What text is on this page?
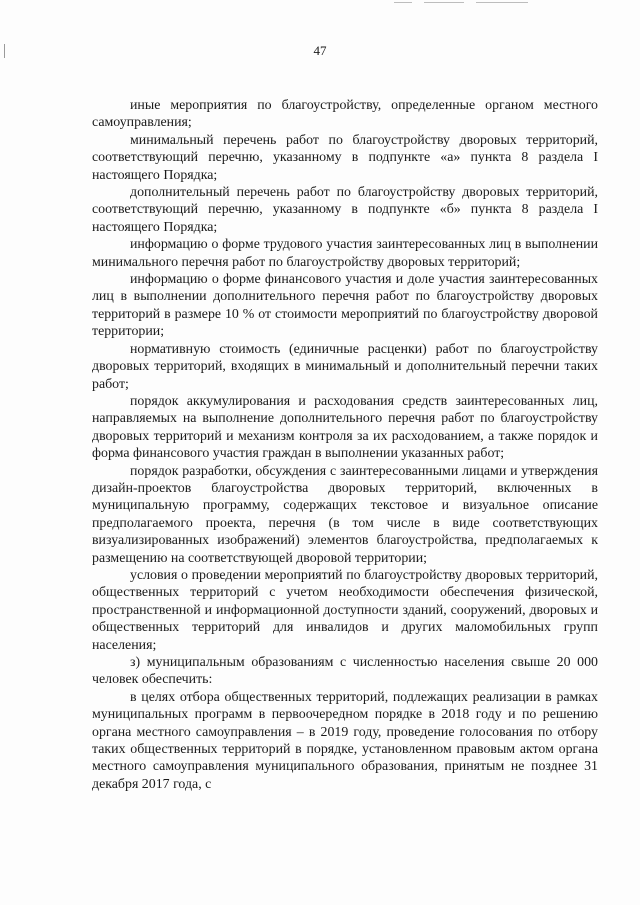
47

иные мероприятия по благоустройству, определенные органом местного самоуправления;

минимальный перечень работ по благоустройству дворовых территорий, соответствующий перечню, указанному в подпункте «а» пункта 8 раздела I настоящего Порядка;

дополнительный перечень работ по благоустройству дворовых территорий, соответствующий перечню, указанному в подпункте «б» пункта 8 раздела I настоящего Порядка;

информацию о форме трудового участия заинтересованных лиц в выполнении минимального перечня работ по благоустройству дворовых территорий;

информацию о форме финансового участия и доле участия заинтересованных лиц в выполнении дополнительного перечня работ по благоустройству дворовых территорий в размере 10 % от стоимости мероприятий по благоустройству дворовой территории;

нормативную стоимость (единичные расценки) работ по благоустройству дворовых территорий, входящих в минимальный и дополнительный перечни таких работ;

порядок аккумулирования и расходования средств заинтересованных лиц, направляемых на выполнение дополнительного перечня работ по благоустройству дворовых территорий и механизм контроля за их расходованием, а также порядок и форма финансового участия граждан в выполнении указанных работ;

порядок разработки, обсуждения с заинтересованными лицами и утверждения дизайн-проектов благоустройства дворовых территорий, включенных в муниципальную программу, содержащих текстовое и визуальное описание предполагаемого проекта, перечня (в том числе в виде соответствующих визуализированных изображений) элементов благоустройства, предполагаемых к размещению на соответствующей дворовой территории;

условия о проведении мероприятий по благоустройству дворовых территорий, общественных территорий с учетом необходимости обеспечения физической, пространственной и информационной доступности зданий, сооружений, дворовых и общественных территорий для инвалидов и других маломобильных групп населения;

з) муниципальным образованиям с численностью населения свыше 20 000 человек обеспечить:

в целях отбора общественных территорий, подлежащих реализации в рамках муниципальных программ в первоочередном порядке в 2018 году и по решению органа местного самоуправления – в 2019 году, проведение голосования по отбору таких общественных территорий в порядке, установленном правовым актом органа местного самоуправления муниципального образования, принятым не позднее 31 декабря 2017 года, с
